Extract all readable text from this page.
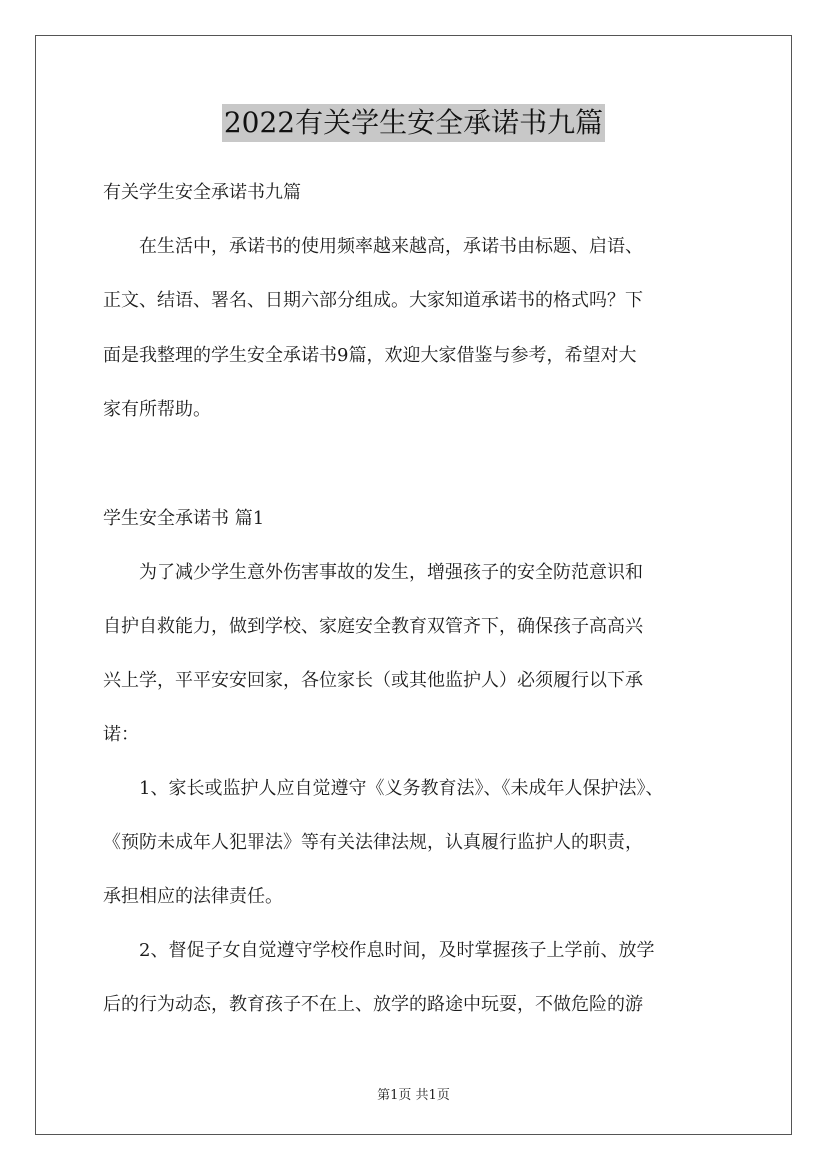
2022有关学生安全承诺书九篇
有关学生安全承诺书九篇
　　在生活中，承诺书的使用频率越来越高，承诺书由标题、启语、
正文、结语、署名、日期六部分组成。大家知道承诺书的格式吗？下
面是我整理的学生安全承诺书9篇，欢迎大家借鉴与参考，希望对大
家有所帮助。
学生安全承诺书 篇1
　　为了减少学生意外伤害事故的发生，增强孩子的安全防范意识和
自护自救能力，做到学校、家庭安全教育双管齐下，确保孩子高高兴
兴上学，平平安安回家，各位家长（或其他监护人）必须履行以下承
诺：
　　1、家长或监护人应自觉遵守《义务教育法》、《未成年人保护法》、
《预防未成年人犯罪法》等有关法律法规，认真履行监护人的职责，
承担相应的法律责任。
　　2、督促子女自觉遵守学校作息时间，及时掌握孩子上学前、放学
后的行为动态，教育孩子不在上、放学的路途中玩耍，不做危险的游
第1页 共1页
